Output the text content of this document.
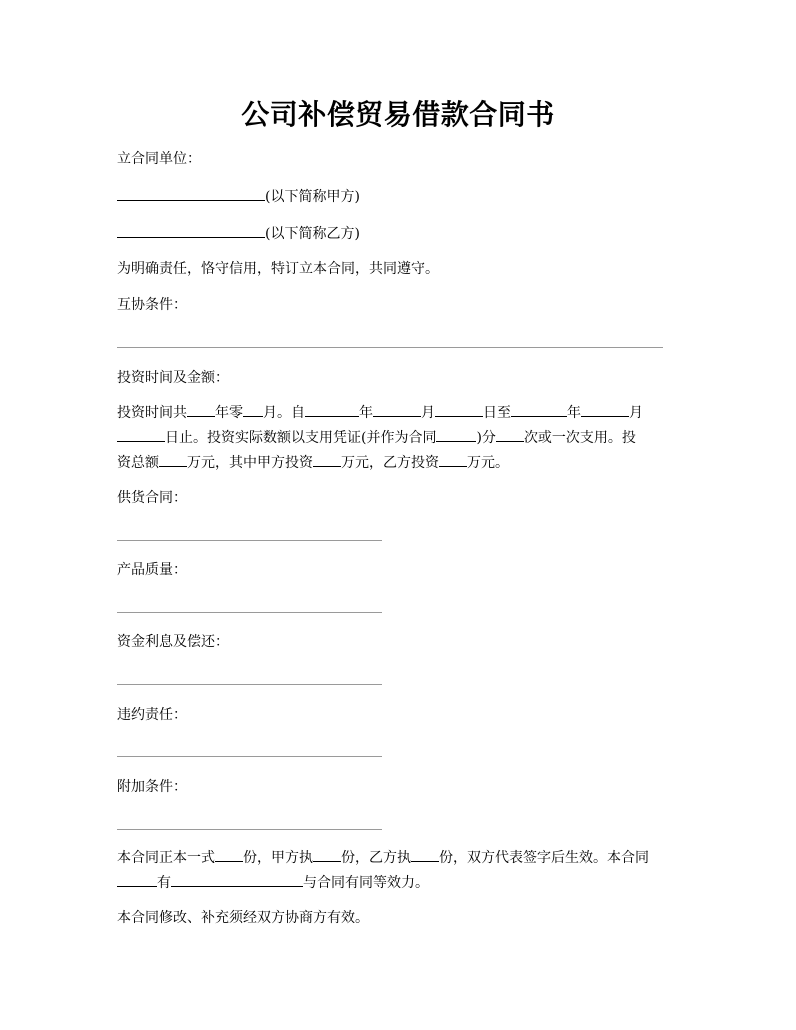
公司补偿贸易借款合同书
立合同单位：
(以下简称甲方)
(以下简称乙方)
为明确责任，恪守信用，特订立本合同，共同遵守。
互协条件：
投资时间及金额：
投资时间共 年零 月。自	年	月	日至	年	月
日止。投资实际数额以支用凭证(并作为合同	)分 次或一次支用。投
资总额 万元，其中甲方投资 万元，乙方投资 万元。
供货合同：
产品质量：
资金利息及偿还：
违约责任：
附加条件：
本合同正本一式 份，甲方执 份，乙方执 份，双方代表签字后生效。本合同
有	与合同有同等效力。
本合同修改、补充须经双方协商方有效。
